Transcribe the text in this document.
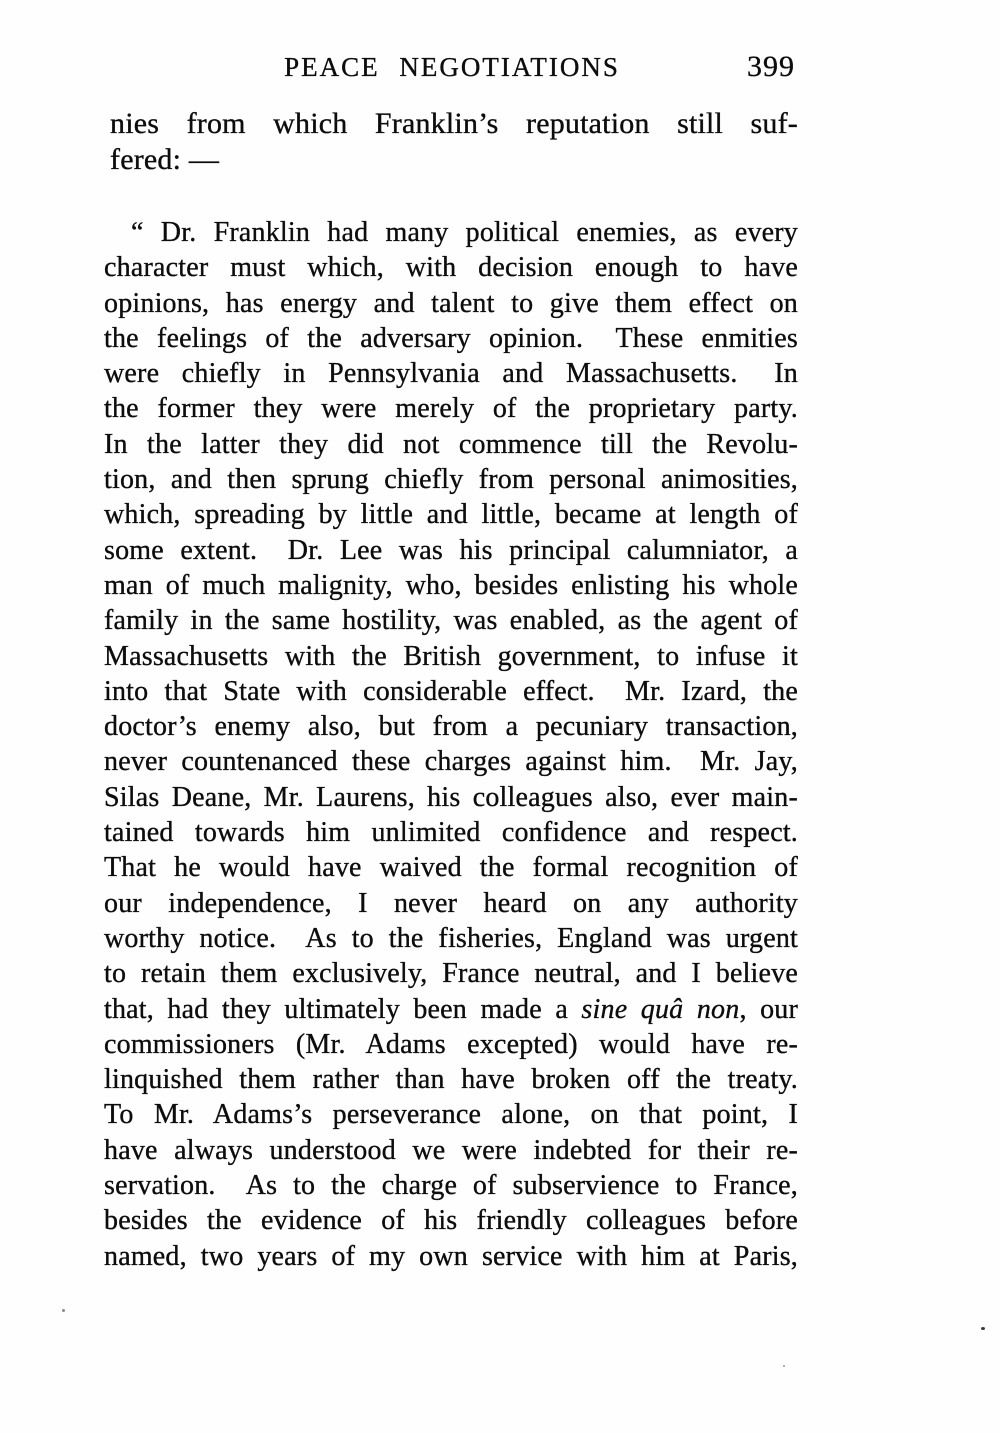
PEACE NEGOTIATIONS	399
nies from which Franklin’s reputation still suf-
fered: —
“ Dr. Franklin had many political enemies, as every
character must which, with decision enough to have
opinions, has energy and talent to give them effect on
the feelings of the adversary opinion.  These enmities
were chiefly in Pennsylvania and Massachusetts.  In
the former they were merely of the proprietary party.
In the latter they did not commence till the Revolu-
tion, and then sprung chiefly from personal animosities,
which, spreading by little and little, became at length of
some extent.  Dr. Lee was his principal calumniator, a
man of much malignity, who, besides enlisting his whole
family in the same hostility, was enabled, as the agent of
Massachusetts with the British government, to infuse it
into that State with considerable effect.  Mr. Izard, the
doctor’s enemy also, but from a pecuniary transaction,
never countenanced these charges against him.  Mr. Jay,
Silas Deane, Mr. Laurens, his colleagues also, ever main-
tained towards him unlimited confidence and respect.
That he would have waived the formal recognition of
our independence, I never heard on any authority
worthy notice.  As to the fisheries, England was urgent
to retain them exclusively, France neutral, and I believe
that, had they ultimately been made a sine quâ non, our
commissioners (Mr. Adams excepted) would have re-
linquished them rather than have broken off the treaty.
To Mr. Adams’s perseverance alone, on that point, I
have always understood we were indebted for their re-
servation.  As to the charge of subservience to France,
besides the evidence of his friendly colleagues before
named, two years of my own service with him at Paris,
